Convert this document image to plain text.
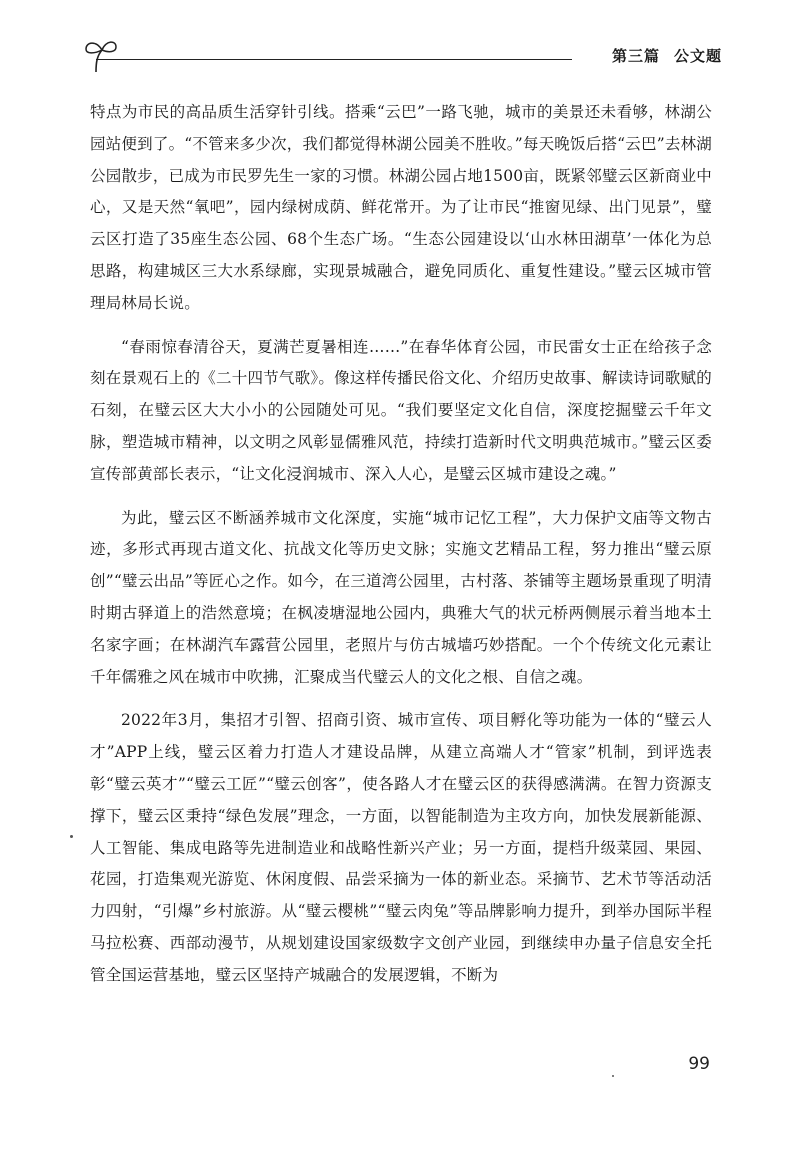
第三篇 公文题

特点为市民的高品质生活穿针引线。搭乘“云巴”一路飞驰，城市的美景还未看够，林湖公园站便到了。“不管来多少次，我们都觉得林湖公园美不胜收。”每天晚饭后搭“云巴”去林湖公园散步，已成为市民罗先生一家的习惯。林湖公园占地1500亩，既紧邻璧云区新商业中心，又是天然“氧吧”，园内绿树成荫、鲜花常开。为了让市民“推窗见绿、出门见景”，璧云区打造了35座生态公园、68个生态广场。“生态公园建设以‘山水林田湖草’一体化为总思路，构建城区三大水系绿廊，实现景城融合，避免同质化、重复性建设。”璧云区城市管理局林局长说。

“春雨惊春清谷天，夏满芒夏暑相连……”在春华体育公园，市民雷女士正在给孩子念刻在景观石上的《二十四节气歌》。像这样传播民俗文化、介绍历史故事、解读诗词歌赋的石刻，在璧云区大大小小的公园随处可见。“我们要坚定文化自信，深度挖掘璧云千年文脉，塑造城市精神，以文明之风彰显儒雅风范，持续打造新时代文明典范城市。”璧云区委宣传部黄部长表示，“让文化浸润城市、深入人心，是璧云区城市建设之魂。”

为此，璧云区不断涵养城市文化深度，实施“城市记忆工程”，大力保护文庙等文物古迹，多形式再现古道文化、抗战文化等历史文脉；实施文艺精品工程，努力推出“璧云原创”“璧云出品”等匠心之作。如今，在三道湾公园里，古村落、茶铺等主题场景重现了明清时期古驿道上的浩然意境；在枫凌塘湿地公园内，典雅大气的状元桥两侧展示着当地本土名家字画；在林湖汽车露营公园里，老照片与仿古城墙巧妙搭配。一个个传统文化元素让千年儒雅之风在城市中吹拂，汇聚成当代璧云人的文化之根、自信之魂。

2022年3月，集招才引智、招商引资、城市宣传、项目孵化等功能为一体的“璧云人才”APP上线，璧云区着力打造人才建设品牌，从建立高端人才“管家”机制，到评选表彰“璧云英才”“璧云工匠”“璧云创客”，使各路人才在璧云区的获得感满满。在智力资源支撑下，璧云区秉持“绿色发展”理念，一方面，以智能制造为主攻方向，加快发展新能源、人工智能、集成电路等先进制造业和战略性新兴产业；另一方面，提档升级菜园、果园、花园，打造集观光游览、休闲度假、品尝采摘为一体的新业态。采摘节、艺术节等活动活力四射，“引爆”乡村旅游。从“璧云樱桃”“璧云肉兔”等品牌影响力提升，到举办国际半程马拉松赛、西部动漫节，从规划建设国家级数字文创产业园，到继续申办量子信息安全托管全国运营基地，璧云区坚持产城融合的发展逻辑，不断为

99
